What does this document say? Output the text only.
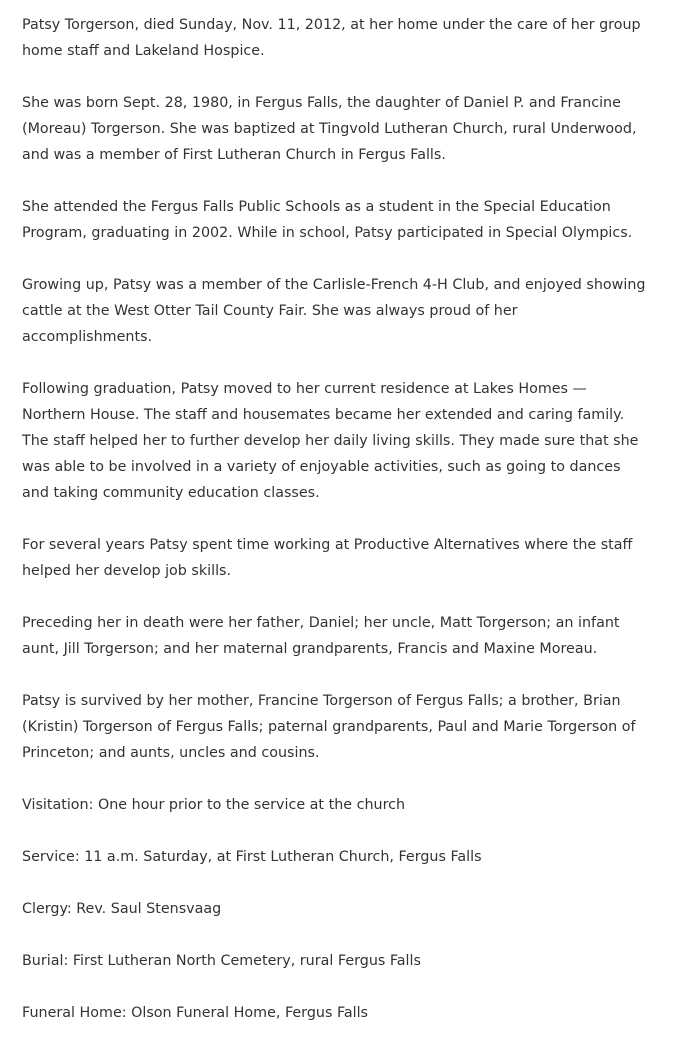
Patsy Torgerson, died Sunday, Nov. 11, 2012, at her home under the care of her group home staff and Lakeland Hospice.

She was born Sept. 28, 1980, in Fergus Falls, the daughter of Daniel P. and Francine (Moreau) Torgerson. She was baptized at Tingvold Lutheran Church, rural Underwood, and was a member of First Lutheran Church in Fergus Falls.

She attended the Fergus Falls Public Schools as a student in the Special Education Program, graduating in 2002. While in school, Patsy participated in Special Olympics.

Growing up, Patsy was a member of the Carlisle-French 4-H Club, and enjoyed showing cattle at the West Otter Tail County Fair. She was always proud of her accomplishments.

Following graduation, Patsy moved to her current residence at Lakes Homes — Northern House. The staff and housemates became her extended and caring family. The staff helped her to further develop her daily living skills. They made sure that she was able to be involved in a variety of enjoyable activities, such as going to dances and taking community education classes.

For several years Patsy spent time working at Productive Alternatives where the staff helped her develop job skills.

Preceding her in death were her father, Daniel; her uncle, Matt Torgerson; an infant aunt, Jill Torgerson; and her maternal grandparents, Francis and Maxine Moreau.

Patsy is survived by her mother, Francine Torgerson of Fergus Falls; a brother, Brian (Kristin) Torgerson of Fergus Falls; paternal grandparents, Paul and Marie Torgerson of Princeton; and aunts, uncles and cousins.

Visitation: One hour prior to the service at the church

Service: 11 a.m. Saturday, at First Lutheran Church, Fergus Falls

Clergy: Rev. Saul Stensvaag

Burial: First Lutheran North Cemetery, rural Fergus Falls

Funeral Home: Olson Funeral Home, Fergus Falls
